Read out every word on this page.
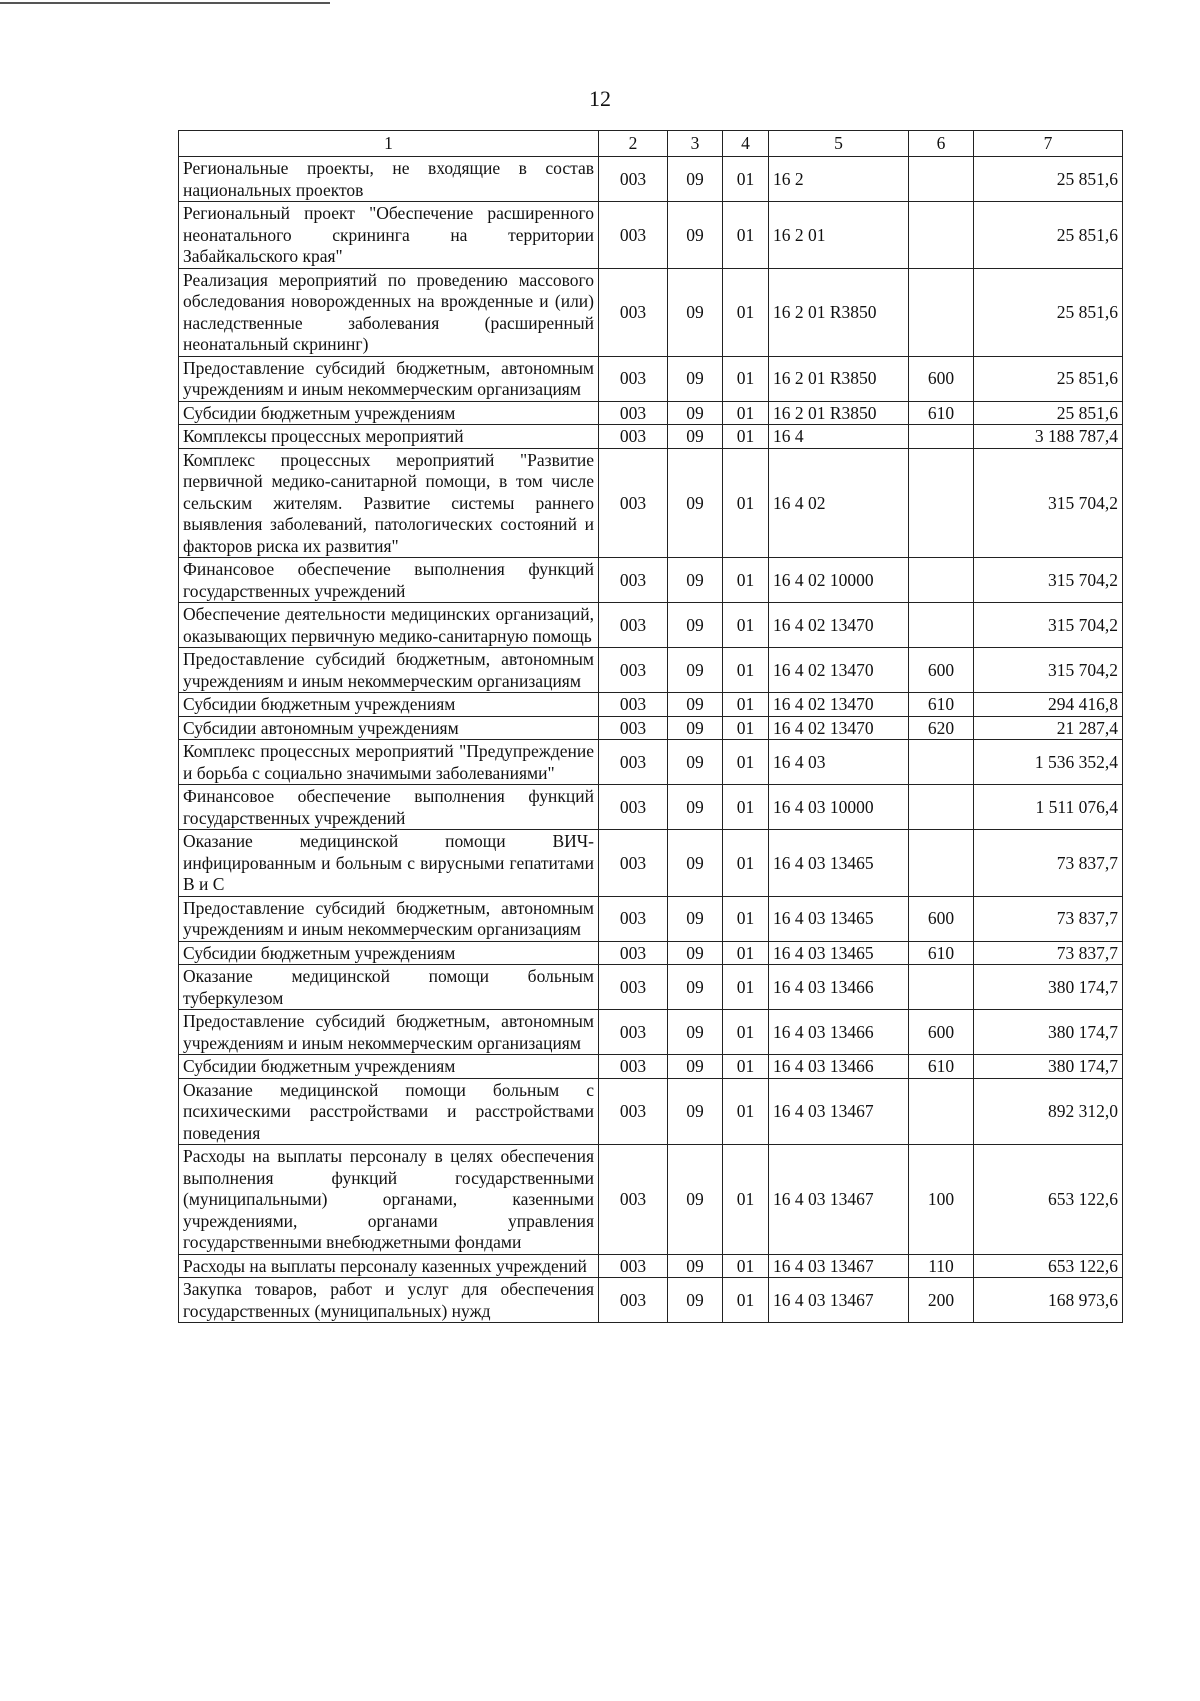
12
1	2	3	4	5	6	7
Региональные проекты, не входящие в состав национальных проектов	003	09	01	16 2		25 851,6
Региональный проект "Обеспечение расширенного неонатального скрининга на территории Забайкальского края"	003	09	01	16 2 01		25 851,6
Реализация мероприятий по проведению массового обследования новорожденных на врожденные и (или) наследственные заболевания (расширенный неонатальный скрининг)	003	09	01	16 2 01 R3850		25 851,6
Предоставление субсидий бюджетным, автономным учреждениям и иным некоммерческим организациям	003	09	01	16 2 01 R3850	600	25 851,6
Субсидии бюджетным учреждениям	003	09	01	16 2 01 R3850	610	25 851,6
Комплексы процессных мероприятий	003	09	01	16 4		3 188 787,4
Комплекс процессных мероприятий "Развитие первичной медико-санитарной помощи, в том числе сельским жителям. Развитие системы раннего выявления заболеваний, патологических состояний и факторов риска их развития"	003	09	01	16 4 02		315 704,2
Финансовое обеспечение выполнения функций государственных учреждений	003	09	01	16 4 02 10000		315 704,2
Обеспечение деятельности медицинских организаций, оказывающих первичную медико-санитарную помощь	003	09	01	16 4 02 13470		315 704,2
Предоставление субсидий бюджетным, автономным учреждениям и иным некоммерческим организациям	003	09	01	16 4 02 13470	600	315 704,2
Субсидии бюджетным учреждениям	003	09	01	16 4 02 13470	610	294 416,8
Субсидии автономным учреждениям	003	09	01	16 4 02 13470	620	21 287,4
Комплекс процессных мероприятий "Предупреждение и борьба с социально значимыми заболеваниями"	003	09	01	16 4 03		1 536 352,4
Финансовое обеспечение выполнения функций государственных учреждений	003	09	01	16 4 03 10000		1 511 076,4
Оказание медицинской помощи ВИЧ-инфицированным и больным с вирусными гепатитами В и С	003	09	01	16 4 03 13465		73 837,7
Предоставление субсидий бюджетным, автономным учреждениям и иным некоммерческим организациям	003	09	01	16 4 03 13465	600	73 837,7
Субсидии бюджетным учреждениям	003	09	01	16 4 03 13465	610	73 837,7
Оказание медицинской помощи больным туберкулезом	003	09	01	16 4 03 13466		380 174,7
Предоставление субсидий бюджетным, автономным учреждениям и иным некоммерческим организациям	003	09	01	16 4 03 13466	600	380 174,7
Субсидии бюджетным учреждениям	003	09	01	16 4 03 13466	610	380 174,7
Оказание медицинской помощи больным с психическими расстройствами и расстройствами поведения	003	09	01	16 4 03 13467		892 312,0
Расходы на выплаты персоналу в целях обеспечения выполнения функций государственными (муниципальными) органами, казенными учреждениями, органами управления государственными внебюджетными фондами	003	09	01	16 4 03 13467	100	653 122,6
Расходы на выплаты персоналу казенных учреждений	003	09	01	16 4 03 13467	110	653 122,6
Закупка товаров, работ и услуг для обеспечения государственных (муниципальных) нужд	003	09	01	16 4 03 13467	200	168 973,6
